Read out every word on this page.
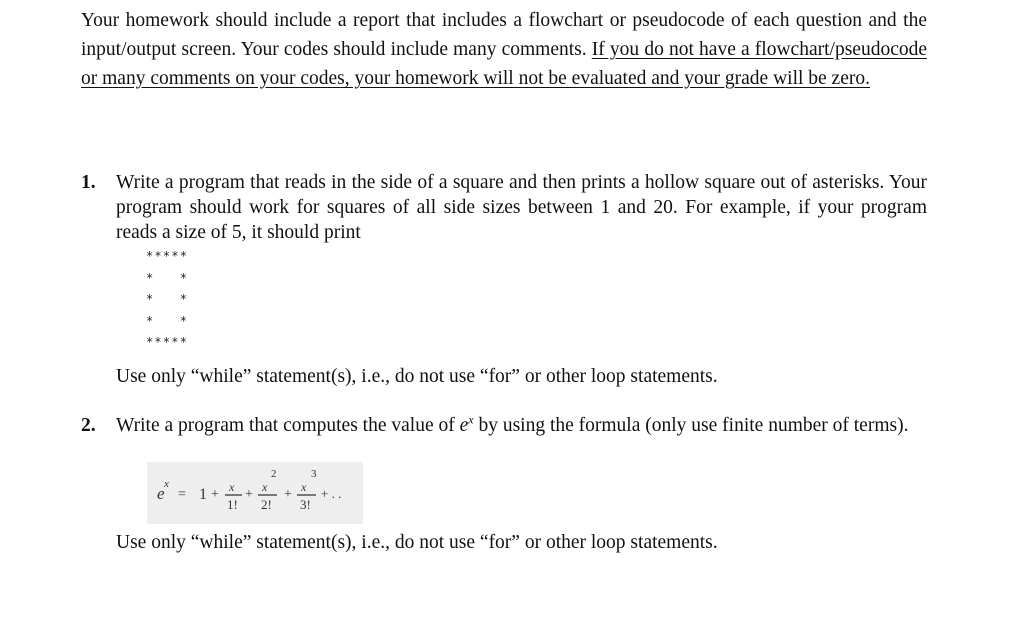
Your homework should include a report that includes a flowchart or pseudocode of each question and the input/output screen. Your codes should include many comments. If you do not have a flowchart/pseudocode or many comments on your codes, your homework will not be evaluated and your grade will be zero.
1. Write a program that reads in the side of a square and then prints a hollow square out of asterisks. Your program should work for squares of all side sizes between 1 and 20. For example, if your program reads a size of 5, it should print
*****
*   *
*   *
*   *
*****
Use only “while” statement(s), i.e., do not use “for” or other loop statements.
2. Write a program that computes the value of $e^x$ by using the formula (only use finite number of terms).
e x
= 1 + x
1!
+ x
2
2!
+ x
3
3!
+ . .
Use only “while” statement(s), i.e., do not use “for” or other loop statements.
